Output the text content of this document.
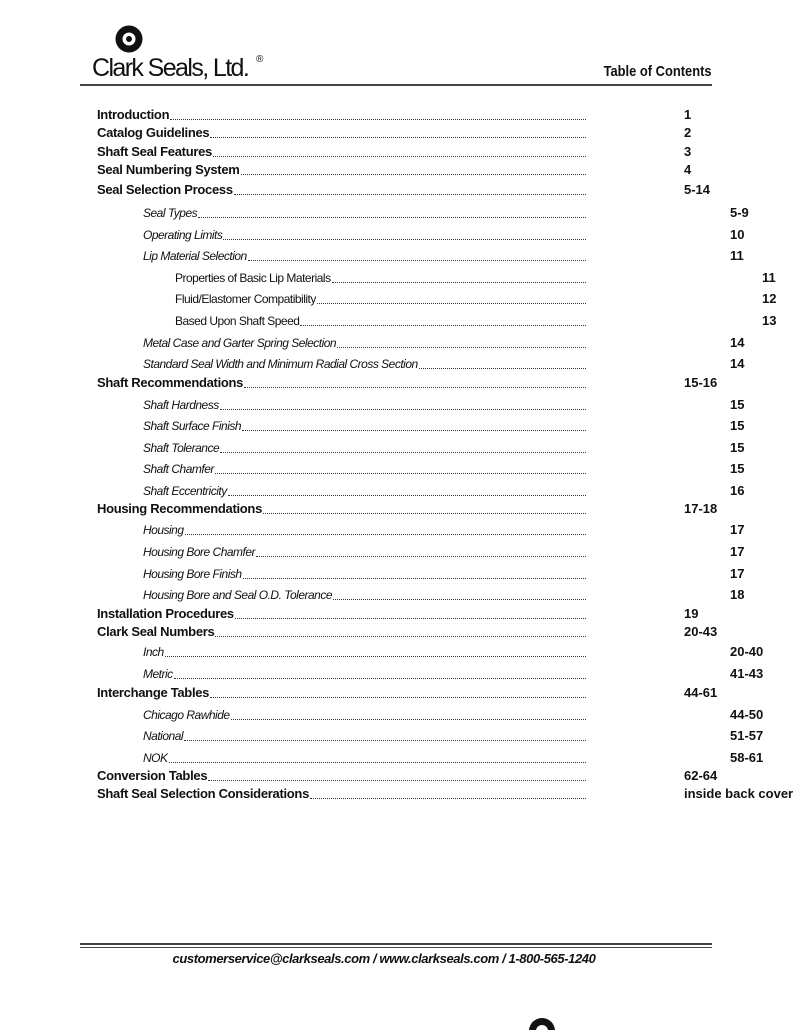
Clark Seals, Ltd. ®
Table of Contents
Introduction	1
Catalog Guidelines	2
Shaft Seal Features	3
Seal Numbering System	4
Seal Selection Process	5-14
Seal Types	5-9
Operating Limits	10
Lip Material Selection	11
Properties of Basic Lip Materials	11
Fluid/Elastomer Compatibility	12
Based Upon Shaft Speed	13
Metal Case and Garter Spring Selection	14
Standard Seal Width and Minimum Radial Cross Section	14
Shaft Recommendations	15-16
Shaft Hardness	15
Shaft Surface Finish	15
Shaft Tolerance	15
Shaft Chamfer	15
Shaft Eccentricity	16
Housing Recommendations	17-18
Housing	17
Housing Bore Chamfer	17
Housing Bore Finish	17
Housing Bore and Seal O.D. Tolerance	18
Installation Procedures	19
Clark Seal Numbers	20-43
Inch	20-40
Metric	41-43
Interchange Tables	44-61
Chicago Rawhide	44-50
National	51-57
NOK	58-61
Conversion Tables	62-64
Shaft Seal Selection Considerations	inside back cover
customerservice@clarkseals.com / www.clarkseals.com / 1-800-565-1240
